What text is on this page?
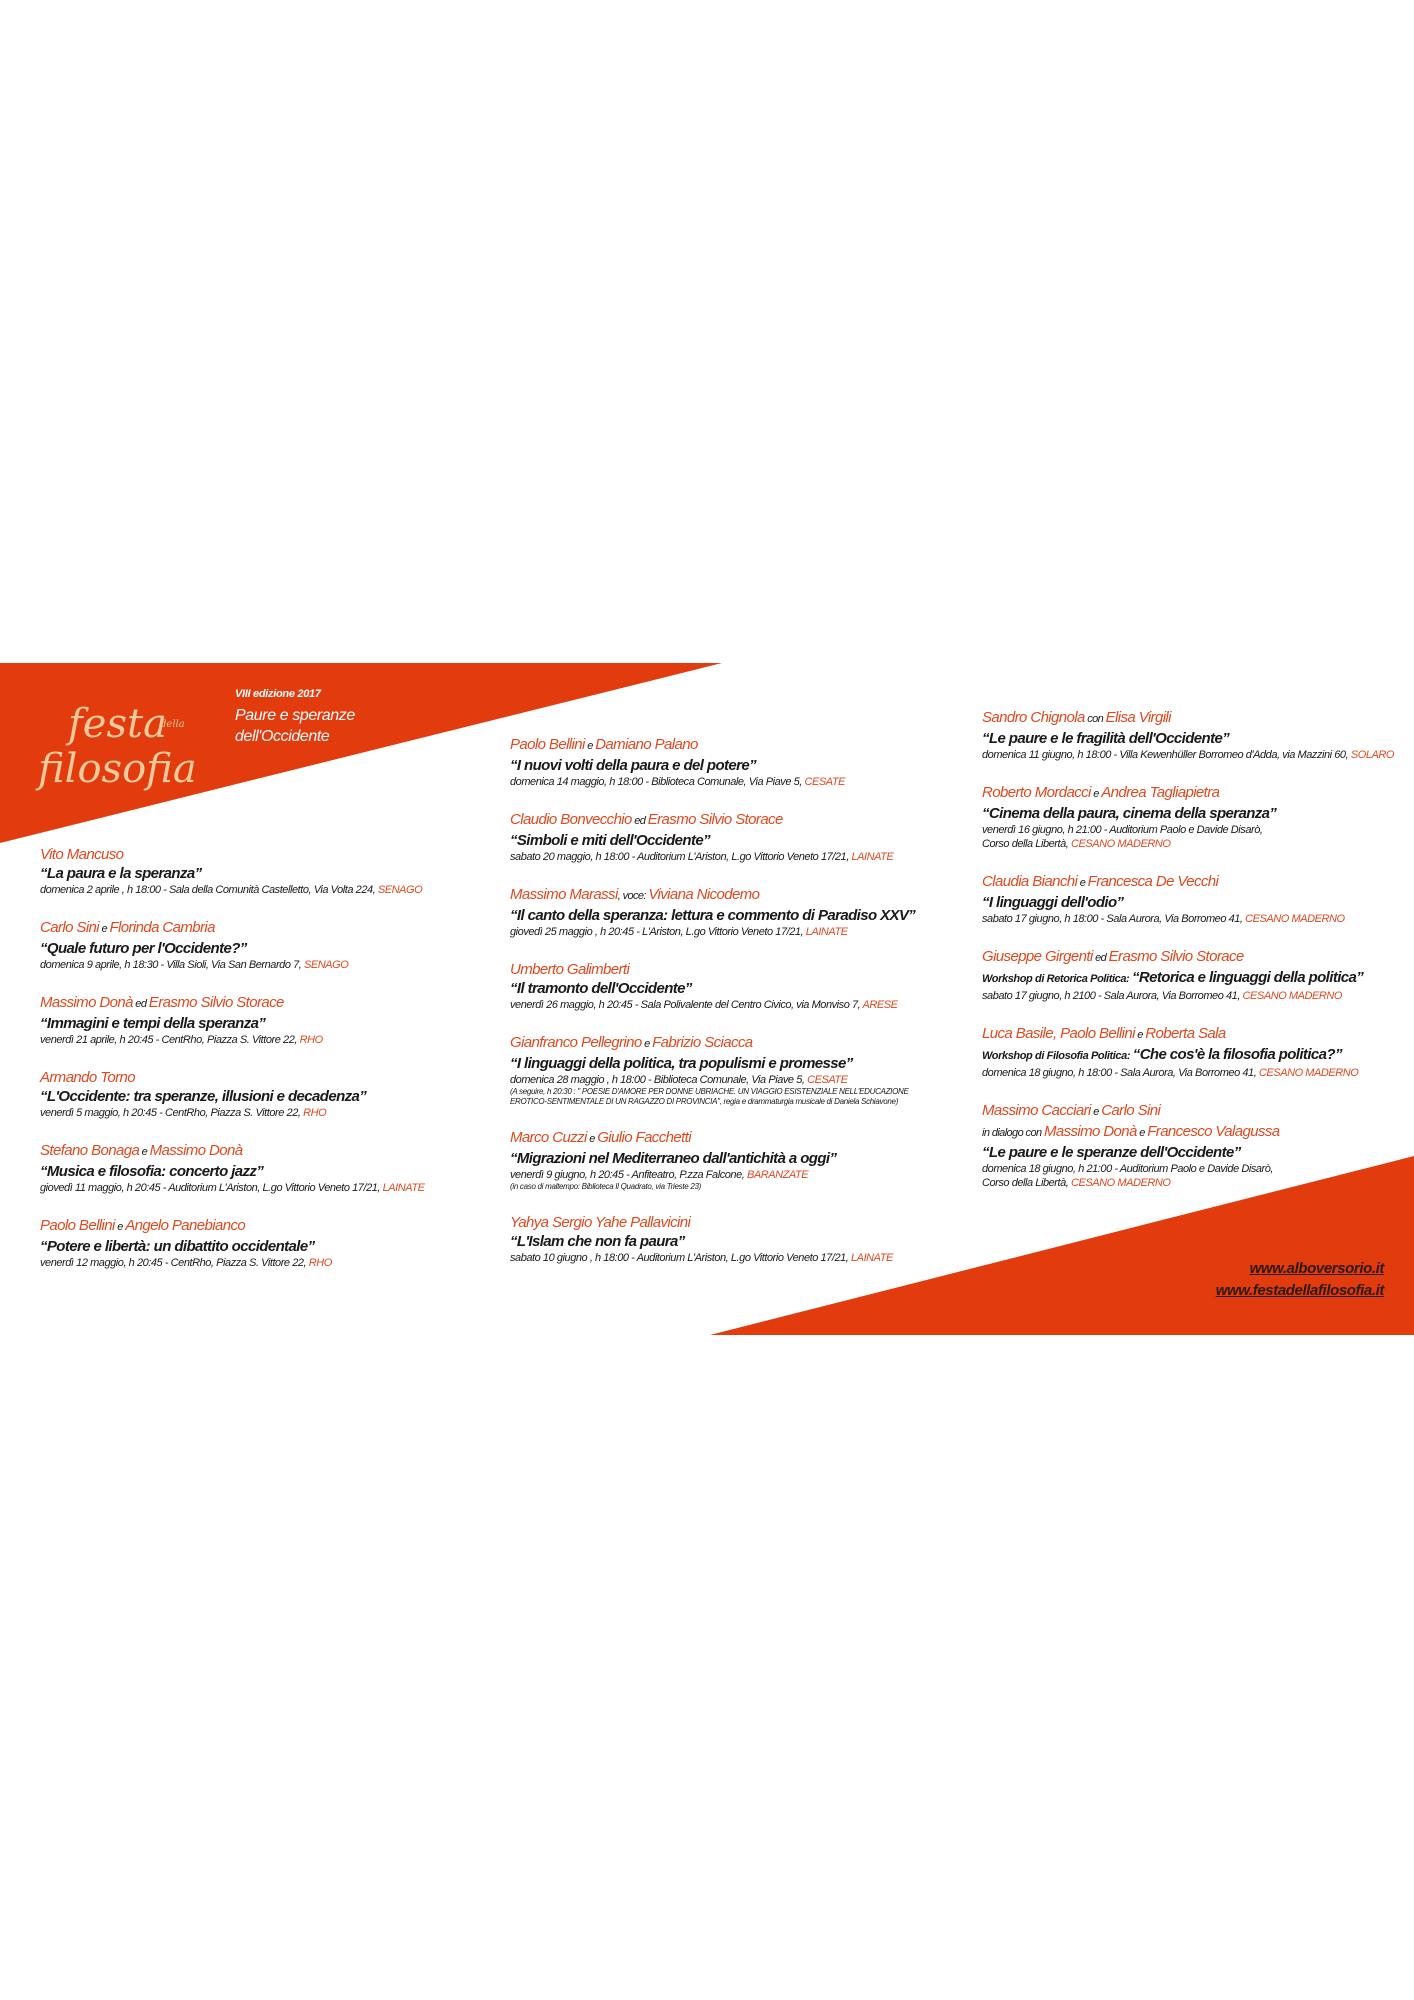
festa
della
filosofia
VIII edizione 2017
Paure e speranze dell'Occidente
Vito Mancuso
“La paura e la speranza”
domenica 2 aprile , h 18:00 - Sala della Comunità Castelletto, Via Volta 224, SENAGO
Carlo Sini e Florinda Cambria
“Quale futuro per l'Occidente?”
domenica 9 aprile, h 18:30 - Villa Sioli, Via San Bernardo 7, SENAGO
Massimo Donà ed Erasmo Silvio Storace
“Immagini e tempi della speranza”
venerdì 21 aprile, h 20:45 - CentRho, Piazza S. Vittore 22, RHO
Armando Torno
“L'Occidente: tra speranze, illusioni e decadenza”
venerdì 5 maggio, h 20:45 - CentRho, Piazza S. Vittore 22, RHO
Stefano Bonaga e Massimo Donà
“Musica e filosofia: concerto jazz”
giovedì 11 maggio, h 20:45 - Auditorium L'Ariston, L.go Vittorio Veneto 17/21, LAINATE
Paolo Bellini e Angelo Panebianco
“Potere e libertà: un dibattito occidentale”
venerdì 12 maggio, h 20:45 - CentRho, Piazza S. Vittore 22, RHO
Paolo Bellini e Damiano Palano
“I nuovi volti della paura e del potere”
domenica 14 maggio, h 18:00 - Biblioteca Comunale, Via Piave 5, CESATE
Claudio Bonvecchio ed Erasmo Silvio Storace
“Simboli e miti dell'Occidente”
sabato 20 maggio, h 18:00 - Auditorium L'Ariston, L.go Vittorio Veneto 17/21, LAINATE
Massimo Marassi, voce: Viviana Nicodemo
“Il canto della speranza: lettura e commento di Paradiso XXV”
giovedì 25 maggio , h 20:45 - L'Ariston, L.go Vittorio Veneto 17/21, LAINATE
Umberto Galimberti
“Il tramonto dell'Occidente”
venerdì 26 maggio, h 20:45 - Sala Polivalente del Centro Civico, via Monviso 7, ARESE
Gianfranco Pellegrino e Fabrizio Sciacca
“I linguaggi della politica, tra populismi e promesse”
domenica 28 maggio , h 18:00 - Biblioteca Comunale, Via Piave 5, CESATE
(A seguire, h 20:30 : " POESIE D'AMORE PER DONNE UBRIACHE. UN VIAGGIO ESISTENZIALE NELL'EDUCAZIONE
EROTICO-SENTIMENTALE DI UN RAGAZZO DI PROVINCIA", regia e drammaturgia musicale di Daniela Schiavone)
Marco Cuzzi e Giulio Facchetti
“Migrazioni nel Mediterraneo dall'antichità a oggi”
venerdì 9 giugno, h 20:45 - Anfiteatro, P.zza Falcone, BARANZATE
(in caso di maltempo: Biblioteca Il Quadrato, via Trieste 23)
Yahya Sergio Yahe Pallavicini
“L'Islam che non fa paura”
sabato 10 giugno , h 18:00 - Auditorium L'Ariston, L.go Vittorio Veneto 17/21, LAINATE
Sandro Chignola con Elisa Virgili
“Le paure e le fragilità dell'Occidente”
domenica 11 giugno, h 18:00 - Villa Kewenhüller Borromeo d'Adda, via Mazzini 60, SOLARO
Roberto Mordacci e Andrea Tagliapietra
“Cinema della paura, cinema della speranza”
venerdì 16 giugno, h 21:00 - Auditorium Paolo e Davide Disarò,
Corso della Libertà, CESANO MADERNO
Claudia Bianchi e Francesca De Vecchi
“I linguaggi dell'odio”
sabato 17 giugno, h 18:00 - Sala Aurora, Via Borromeo 41, CESANO MADERNO
Giuseppe Girgenti ed Erasmo Silvio Storace
Workshop di Retorica Politica: “Retorica e linguaggi della politica”
sabato 17 giugno, h 2100 - Sala Aurora, Via Borromeo 41, CESANO MADERNO
Luca Basile, Paolo Bellini e Roberta Sala
Workshop di Filosofia Politica: “Che cos'è la filosofia politica?”
domenica 18 giugno, h 18:00 - Sala Aurora, Via Borromeo 41, CESANO MADERNO
Massimo Cacciari e Carlo Sini
in dialogo con Massimo Donà e Francesco Valagussa
“Le paure e le speranze dell'Occidente”
domenica 18 giugno, h 21:00 - Auditorium Paolo e Davide Disarò,
Corso della Libertà, CESANO MADERNO
www.alboversorio.it
www.festadellafilosofia.it
